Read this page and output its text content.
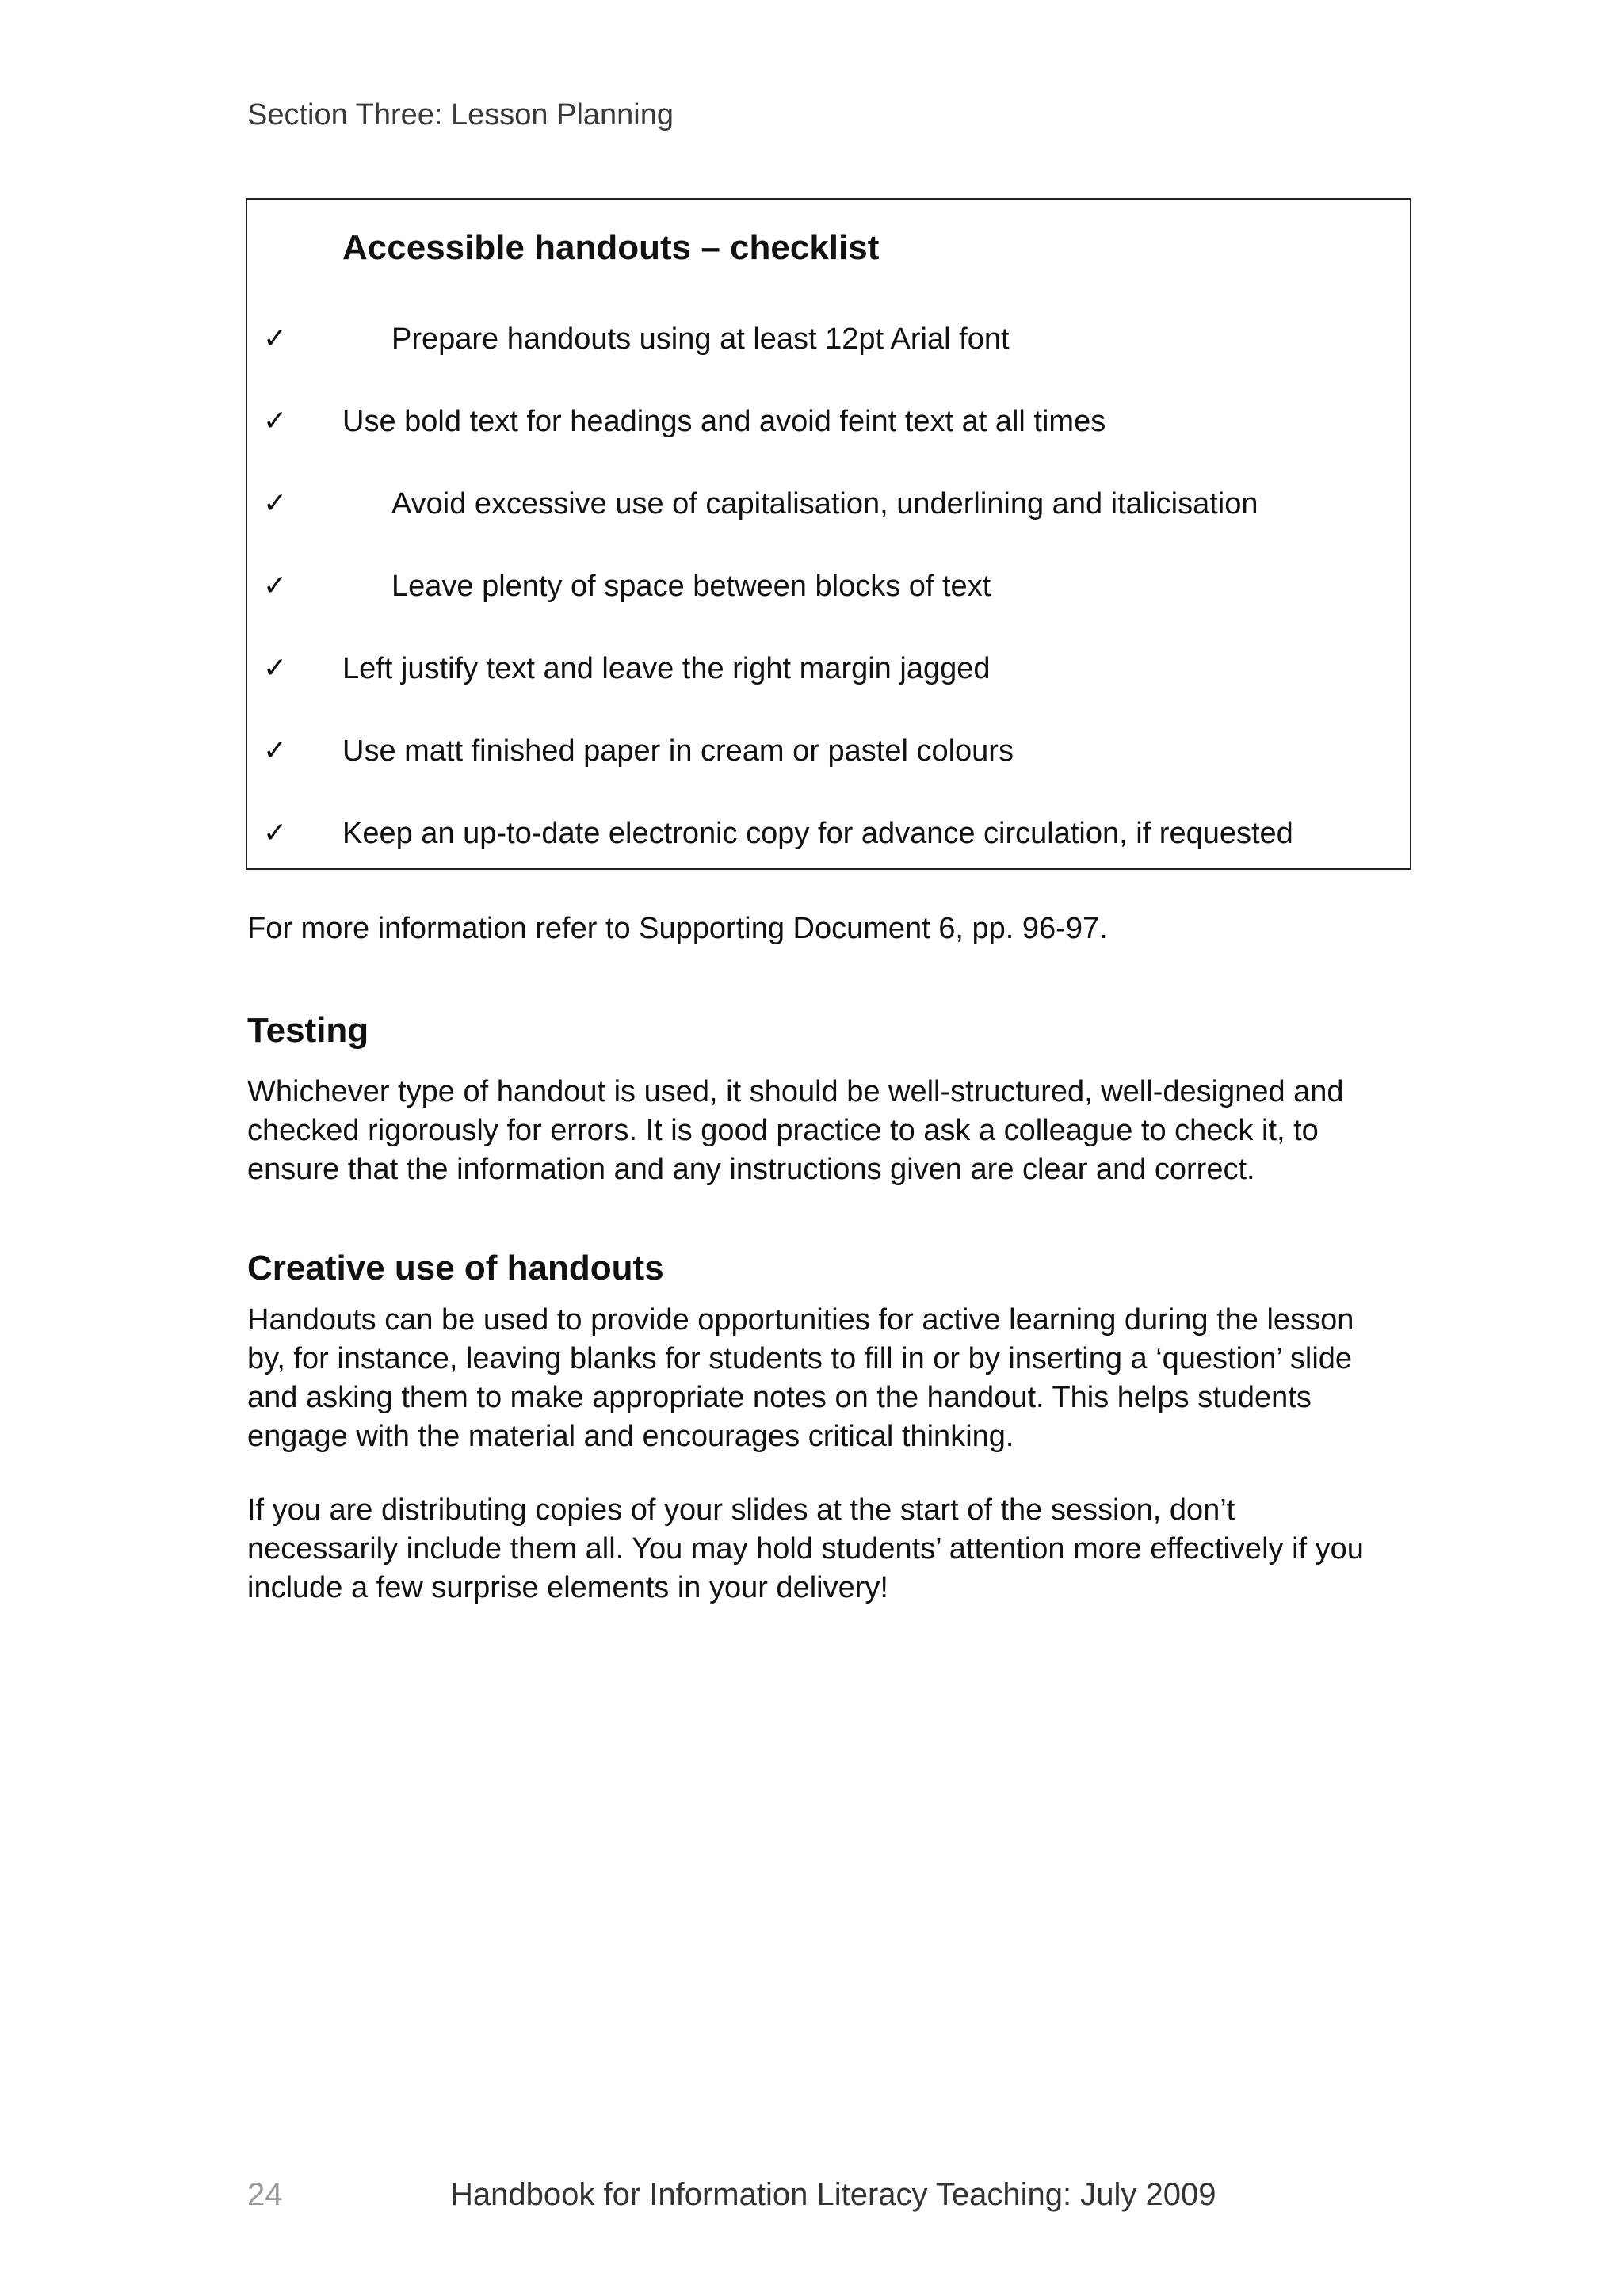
Section Three: Lesson Planning
Accessible handouts – checklist
✓	Prepare handouts using at least 12pt Arial font
✓ Use bold text for headings and avoid feint text at all times
✓	Avoid excessive use of capitalisation, underlining and italicisation
✓	Leave plenty of space between blocks of text
✓ Left justify text and leave the right margin jagged
✓ Use matt finished paper in cream or pastel colours
✓ Keep an up-to-date electronic copy for advance circulation, if requested
For more information refer to Supporting Document 6, pp. 96-97.
Testing
Whichever type of handout is used, it should be well-structured, well-designed and
checked rigorously for errors. It is good practice to ask a colleague to check it, to
ensure that the information and any instructions given are clear and correct.
Creative use of handouts
Handouts can be used to provide opportunities for active learning during the lesson
by, for instance, leaving blanks for students to fill in or by inserting a ‘question’ slide
and asking them to make appropriate notes on the handout. This helps students
engage with the material and encourages critical thinking.
If you are distributing copies of your slides at the start of the session, don’t
necessarily include them all. You may hold students’ attention more effectively if you
include a few surprise elements in your delivery!
24	Handbook for Information Literacy Teaching: July 2009
